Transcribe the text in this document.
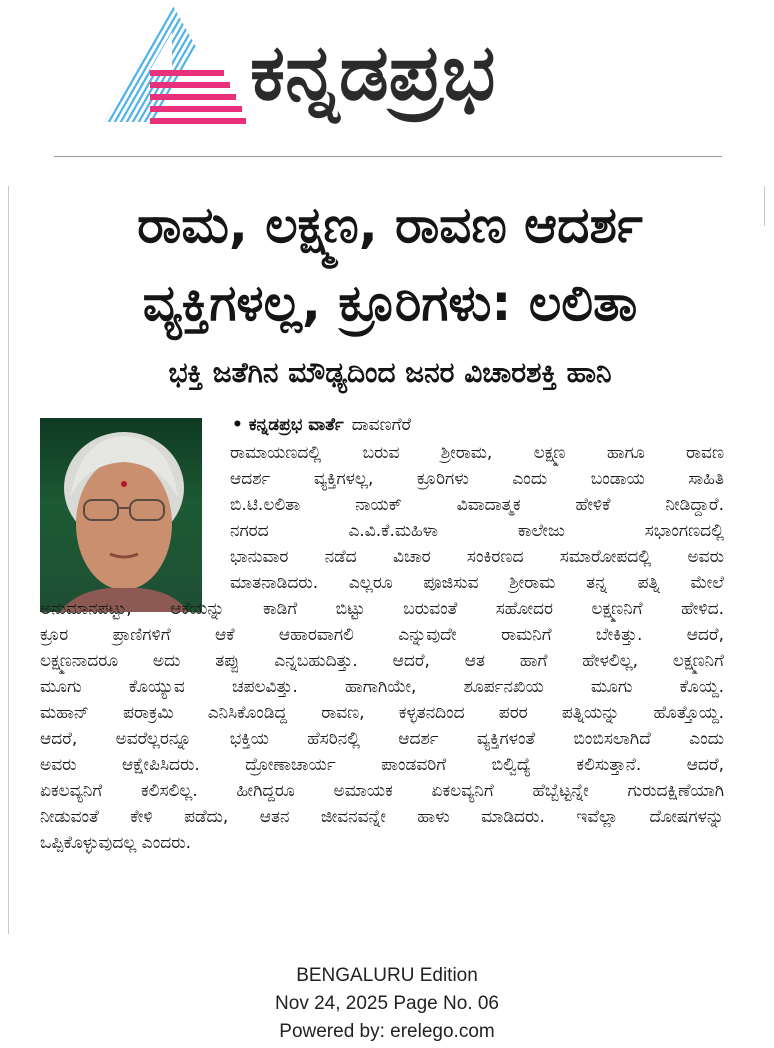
ಕನ್ನಡಪ್ರಭ
ರಾಮ, ಲಕ್ಷ್ಮಣ, ರಾವಣ ಆದರ್ಶ
ವ್ಯಕ್ತಿಗಳಲ್ಲ, ಕ್ರೂರಿಗಳು: ಲಲಿತಾ
ಭಕ್ತಿ ಜತೆಗಿನ ಮೌಢ್ಯದಿಂದ ಜನರ ವಿಚಾರಶಕ್ತಿ ಹಾನಿ
• ಕನ್ನಡಪ್ರಭ ವಾರ್ತೆ ದಾವಣಗೆರೆ
ರಾಮಾಯಣದಲ್ಲಿ ಬರುವ ಶ್ರೀರಾಮ, ಲಕ್ಷ್ಮಣ ಹಾಗೂ ರಾವಣ
ಆದರ್ಶ ವ್ಯಕ್ತಿಗಳಲ್ಲ, ಕ್ರೂರಿಗಳು ಎಂದು ಬಂಡಾಯ ಸಾಹಿತಿ
ಬಿ.ಟಿ.ಲಲಿತಾ ನಾಯಕ್ ವಿವಾದಾತ್ಮಕ ಹೇಳಿಕೆ ನೀಡಿದ್ದಾರೆ.
ನಗರದ ಎ.ವಿ.ಕೆ.ಮಹಿಳಾ ಕಾಲೇಜು ಸಭಾಂಗಣದಲ್ಲಿ
ಭಾನುವಾರ ನಡೆದ ವಿಚಾರ ಸಂಕಿರಣದ ಸಮಾರೋಪದಲ್ಲಿ ಅವರು
ಮಾತನಾಡಿದರು. ಎಲ್ಲರೂ ಪೂಜಿಸುವ ಶ್ರೀರಾಮ ತನ್ನ ಪತ್ನಿ ಮೇಲೆ
ಅನುಮಾನಪಟ್ಟು, ಆಕೆಯನ್ನು ಕಾಡಿಗೆ ಬಿಟ್ಟು ಬರುವಂತೆ ಸಹೋದರ ಲಕ್ಷ್ಮಣನಿಗೆ ಹೇಳಿದ.
ಕ್ರೂರ ಪ್ರಾಣಿಗಳಿಗೆ ಆಕೆ ಆಹಾರವಾಗಲಿ ಎನ್ನುವುದೇ ರಾಮನಿಗೆ ಬೇಕಿತ್ತು. ಆದರೆ,
ಲಕ್ಷ್ಮಣನಾದರೂ ಅದು ತಪ್ಪು ಎನ್ನಬಹುದಿತ್ತು. ಆದರೆ, ಆತ ಹಾಗೆ ಹೇಳಲಿಲ್ಲ, ಲಕ್ಷ್ಮಣನಿಗೆ
ಮೂಗು ಕೊಯ್ಯುವ ಚಪಲವಿತ್ತು. ಹಾಗಾಗಿಯೇ, ಶೂರ್ಪನಖಿಯ ಮೂಗು ಕೊಯ್ದ.
ಮಹಾನ್ ಪರಾಕ್ರಮಿ ಎನಿಸಿಕೊಂಡಿದ್ದ ರಾವಣ, ಕಳ್ಳತನದಿಂದ ಪರರ ಪತ್ನಿಯನ್ನು ಹೊತ್ತೊಯ್ದ.
ಆದರೆ, ಅವರೆಲ್ಲರನ್ನೂ ಭಕ್ತಿಯ ಹೆಸರಿನಲ್ಲಿ ಆದರ್ಶ ವ್ಯಕ್ತಿಗಳಂತೆ ಬಿಂಬಿಸಲಾಗಿದೆ ಎಂದು
ಅವರು ಆಕ್ಷೇಪಿಸಿದರು. ದ್ರೋಣಾಚಾರ್ಯ ಪಾಂಡವರಿಗೆ ಬಿಲ್ವಿದ್ಯೆ ಕಲಿಸುತ್ತಾನೆ. ಆದರೆ,
ಏಕಲವ್ಯನಿಗೆ ಕಲಿಸಲಿಲ್ಲ. ಹೀಗಿದ್ದರೂ ಅಮಾಯಕ ಏಕಲವ್ಯನಿಗೆ ಹೆಬ್ಬೆಟ್ಟನ್ನೇ ಗುರುದಕ್ಷಿಣೆಯಾಗಿ
ನೀಡುವಂತೆ ಕೇಳಿ ಪಡೆದು, ಆತನ ಜೀವನವನ್ನೇ ಹಾಳು ಮಾಡಿದರು. ಇವೆಲ್ಲಾ ದೋಷಗಳನ್ನು
ಒಪ್ಪಿಕೊಳ್ಳುವುದಲ್ಲ ಎಂದರು.
BENGALURU Edition
Nov 24, 2025 Page No. 06
Powered by: erelego.com
